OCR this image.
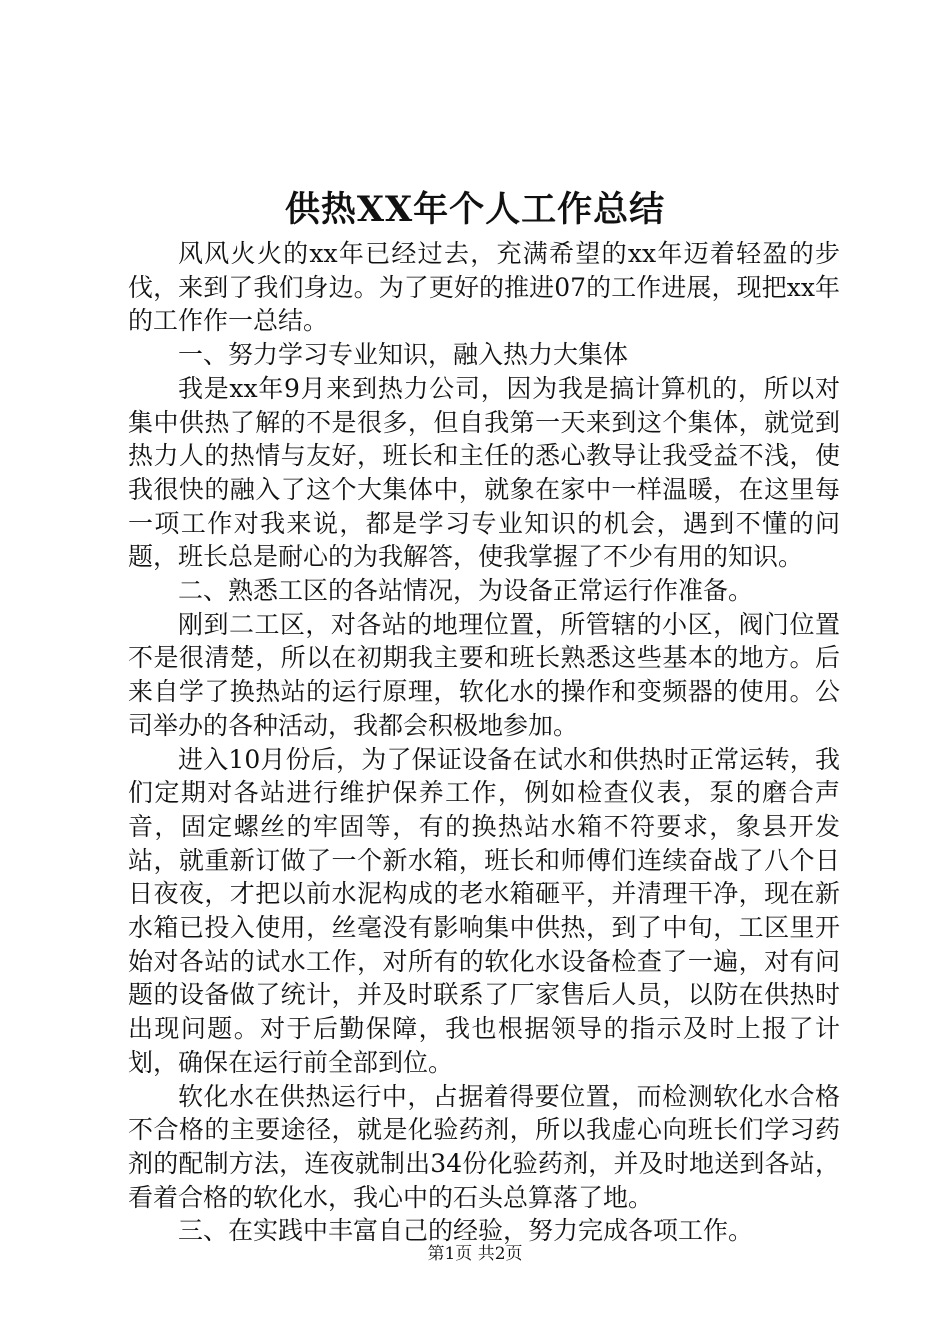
供热XX年个人工作总结

风风火火的xx年已经过去，充满希望的xx年迈着轻盈的步伐，来到了我们身边。为了更好的推进07的工作进展，现把xx年的工作作一总结。

一、努力学习专业知识，融入热力大集体

我是xx年9月来到热力公司，因为我是搞计算机的，所以对集中供热了解的不是很多，但自我第一天来到这个集体，就觉到热力人的热情与友好，班长和主任的悉心教导让我受益不浅，使我很快的融入了这个大集体中，就象在家中一样温暖，在这里每一项工作对我来说，都是学习专业知识的机会，遇到不懂的问题，班长总是耐心的为我解答，使我掌握了不少有用的知识。

二、熟悉工区的各站情况，为设备正常运行作准备。

刚到二工区，对各站的地理位置，所管辖的小区，阀门位置不是很清楚，所以在初期我主要和班长熟悉这些基本的地方。后来自学了换热站的运行原理，软化水的操作和变频器的使用。公司举办的各种活动，我都会积极地参加。

进入10月份后，为了保证设备在试水和供热时正常运转，我们定期对各站进行维护保养工作，例如检查仪表，泵的磨合声音，固定螺丝的牢固等，有的换热站水箱不符要求，象县开发站，就重新订做了一个新水箱，班长和师傅们连续奋战了八个日日夜夜，才把以前水泥构成的老水箱砸平，并清理干净，现在新水箱已投入使用，丝毫没有影响集中供热，到了中旬，工区里开始对各站的试水工作，对所有的软化水设备检查了一遍，对有问题的设备做了统计，并及时联系了厂家售后人员，以防在供热时出现问题。对于后勤保障，我也根据领导的指示及时上报了计划，确保在运行前全部到位。

软化水在供热运行中，占据着得要位置，而检测软化水合格不合格的主要途径，就是化验药剂，所以我虚心向班长们学习药剂的配制方法，连夜就制出34份化验药剂，并及时地送到各站，看着合格的软化水，我心中的石头总算落了地。

三、在实践中丰富自己的经验，努力完成各项工作。

第1页 共2页
